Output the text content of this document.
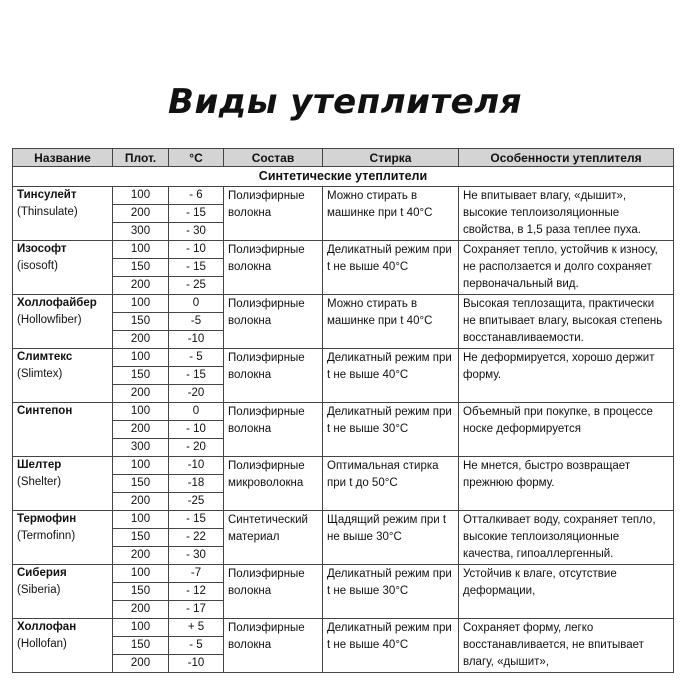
Виды утеплителя
Название	Плот.	°С	Состав	Стирка	Особенности утеплителя
Синтетические утеплители					

Тинсулейт
(Thinsulate)	100	- 6	Полиэфирные волокна	Можно стирать в машинке при t 40°С	Не впитывает влагу, «дышит», высокие теплоизоляционные свойства, в 1,5 раза теплее пуха.
	200	- 15			
	300	- 30			

Изософт
(isosoft)	100	- 10	Полиэфирные волокна	Деликатный режим при t не выше 40°С	Сохраняет тепло, устойчив к износу, не расползается и долго сохраняет первоначальный вид.
	150	- 15			
	200	- 25			

Холлофайбер
(Hollowfiber)	100	0	Полиэфирные волокна	Можно стирать в машинке при t 40°С	Высокая теплозащита, практически не впитывает влагу, высокая степень восстанавливаемости.
	150	-5			
	200	-10			

Слимтекс
(Slimtex)	100	- 5	Полиэфирные волокна	Деликатный режим при t не выше 40°С	Не деформируется, хорошо держит форму.
	150	- 15			
	200	-20			

Синтепон	100	0	Полиэфирные волокна	Деликатный режим при t не выше 30°С	Объемный при покупке, в процессе носке деформируется
	200	- 10			
	300	- 20			

Шелтер
(Shelter)	100	-10	Полиэфирные микроволокна	Оптимальная стирка при t до 50°С	Не мнется, быстро возвращает прежнюю форму.
	150	-18			
	200	-25			

Термофин
(Termofinn)	100	- 15	Синтетический материал	Щадящий режим при t не выше 30°С	Отталкивает воду, сохраняет тепло, высокие теплоизоляционные качества, гипоаллергенный.
	150	- 22			
	200	- 30			

Сиберия
(Siberia)	100	-7	Полиэфирные волокна	Деликатный режим при t не выше 30°С	Устойчив к влаге, отсутствие деформации,
	150	- 12			
	200	- 17			

Холлофан
(Hollofan)	100	+ 5	Полиэфирные волокна	Деликатный режим при t не выше 40°С	Сохраняет форму, легко восстанавливается, не впитывает влагу, «дышит»,
	150	- 5			
	200	-10			
